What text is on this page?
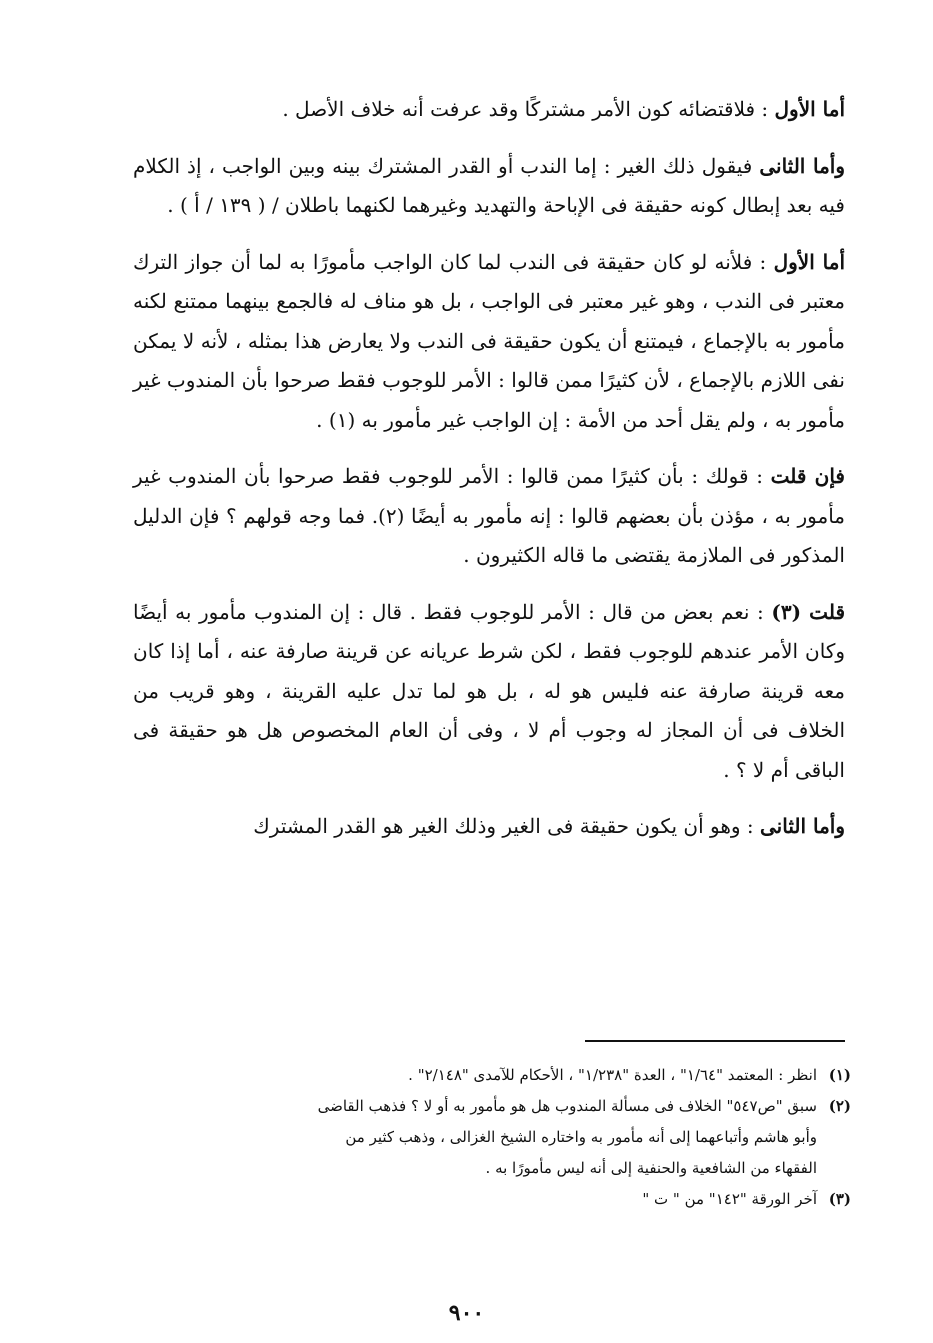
أما الأول : فلاقتضائه كون الأمر مشتركًا وقد عرفت أنه خلاف الأصل .

وأما الثانى فيقول ذلك الغير : إما الندب أو القدر المشترك بينه وبين الواجب ، إذ الكلام فيه بعد إبطال كونه حقيقة فى الإباحة والتهديد وغيرهما لكنهما باطلان / ( ١٣٩ / أ ) .

أما الأول : فلأنه لو كان حقيقة فى الندب لما كان الواجب مأمورًا به لما أن جواز الترك معتبر فى الندب ، وهو غير معتبر فى الواجب ، بل هو مناف له فالجمع بينهما ممتنع لكنه مأمور به بالإجماع ، فيمتنع أن يكون حقيقة فى الندب ولا يعارض هذا بمثله ، لأنه لا يمكن نفى اللازم بالإجماع ، لأن كثيرًا ممن قالوا : الأمر للوجوب فقط صرحوا بأن المندوب غير مأمور به ، ولم يقل أحد من الأمة : إن الواجب غير مأمور به (١) .

فإن قلت : قولك : بأن كثيرًا ممن قالوا : الأمر للوجوب فقط صرحوا بأن المندوب غير مأمور به ، مؤذن بأن بعضهم قالوا : إنه مأمور به أيضًا (٢). فما وجه قولهم ؟ فإن الدليل المذكور فى الملازمة يقتضى ما قاله الكثيرون .

قلت (٣) : نعم بعض من قال : الأمر للوجوب فقط . قال : إن المندوب مأمور به أيضًا وكان الأمر عندهم للوجوب فقط ، لكن شرط عريانه عن قرينة صارفة عنه ، أما إذا كان معه قرينة صارفة عنه فليس هو له ، بل هو لما تدل عليه القرينة ، وهو قريب من الخلاف فى أن المجاز له وجوب أم لا ، وفى أن العام المخصوص هل هو حقيقة فى الباقى أم لا ؟ .

وأما الثانى : وهو أن يكون حقيقة فى الغير وذلك الغير هو القدر المشترك

(١)انظر : المعتمد "١/٦٤" ، العدة "١/٢٣٨" ، الأحكام للآمدى "٢/١٤٨" .

(٢)سبق "ص٥٤٧" الخلاف فى مسألة المندوب هل هو مأمور به أو لا ؟ فذهب القاضى

وأبو هاشم وأتباعهما إلى أنه مأمور به واختاره الشيخ الغزالى ، وذهب كثير من

الفقهاء من الشافعية والحنفية إلى أنه ليس مأمورًا به .

(٣)آخر الورقة "١٤٢" من " ت "

٩٠٠
